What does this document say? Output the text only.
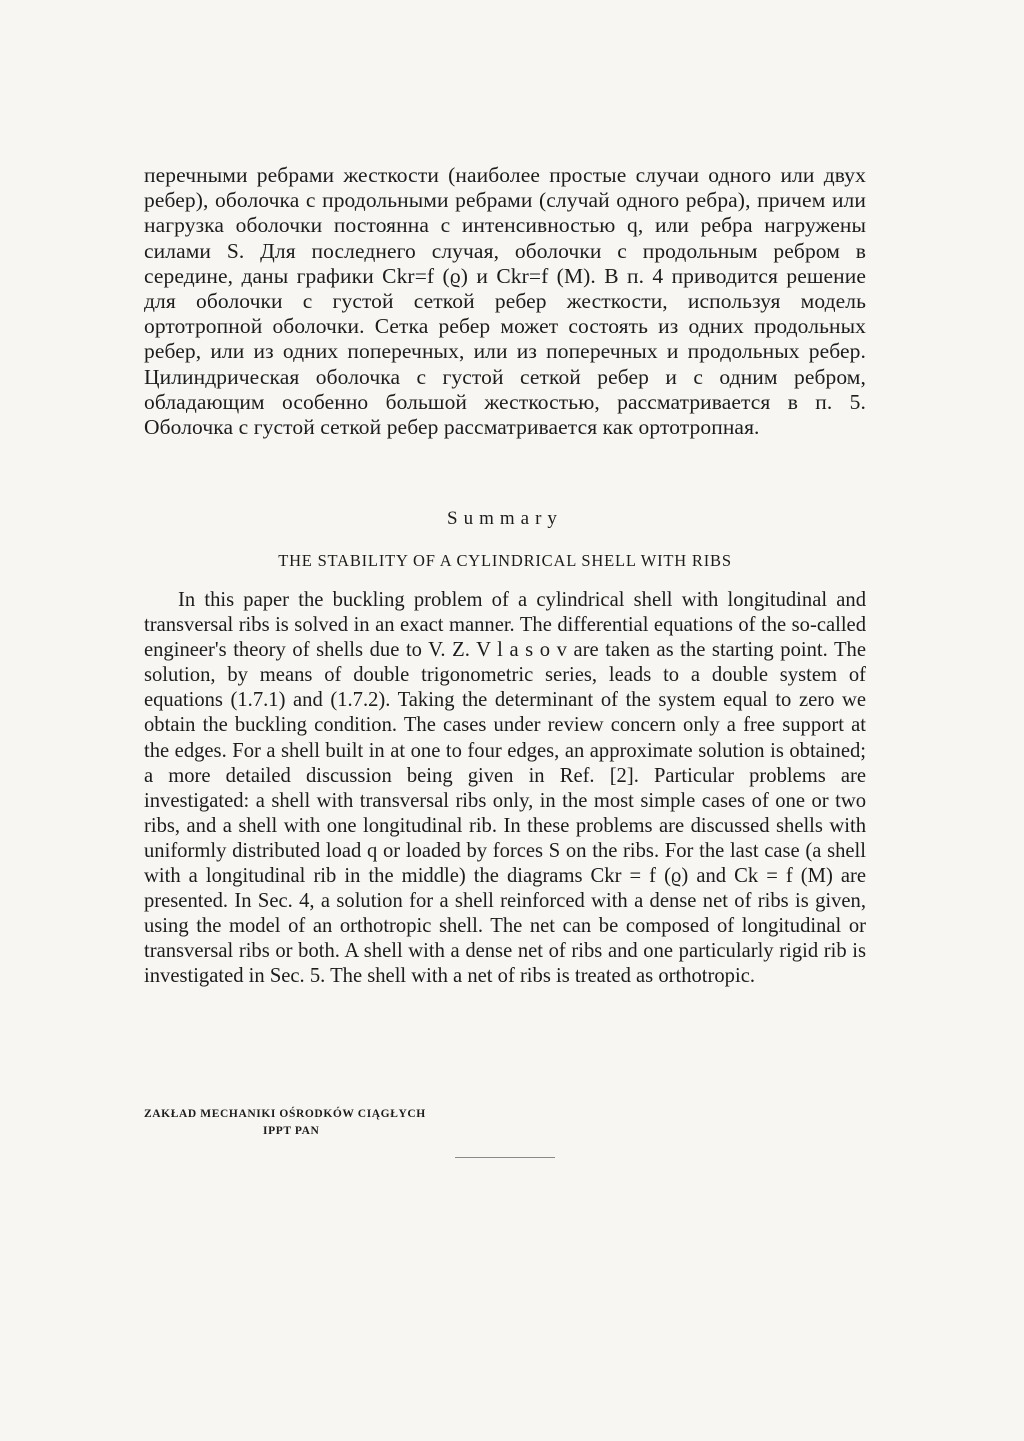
перечными ребрами жесткости (наиболее простые случаи одного или двух ребер), оболочка с продольными ребрами (случай одного ребра), причем или нагрузка оболочки постоянна с интенсивностью q, или ребра нагружены силами S. Для последнего случая, оболочки с продольным ребром в середине, даны графики Ckr=f (ϱ) и Ckr=f (M). В п. 4 приводится решение для оболочки с густой сеткой ребер жесткости, используя модель ортотропной оболочки. Сетка ребер может состоять из одних продольных ребер, или из одних поперечных, или из поперечных и продольных ребер. Цилиндрическая оболочка с густой сеткой ребер и с одним ребром, обладающим особенно большой жесткостью, рассматривается в п. 5. Оболочка с густой сеткой ребер рассматривается как ортотропная.
Summary
THE STABILITY OF A CYLINDRICAL SHELL WITH RIBS
In this paper the buckling problem of a cylindrical shell with longitudinal and transversal ribs is solved in an exact manner. The differential equations of the so-called engineer's theory of shells due to V. Z. V l a s o v are taken as the starting point. The solution, by means of double trigonometric series, leads to a double system of equations (1.7.1) and (1.7.2). Taking the determinant of the system equal to zero we obtain the buckling condition. The cases under review concern only a free support at the edges. For a shell built in at one to four edges, an approximate solution is obtained; a more detailed discussion being given in Ref. [2]. Particular problems are investigated: a shell with transversal ribs only, in the most simple cases of one or two ribs, and a shell with one longitudinal rib. In these problems are discussed shells with uniformly distributed load q or loaded by forces S on the ribs. For the last case (a shell with a longitudinal rib in the middle) the diagrams Ckr = f (ϱ) and Ck = f (M) are presented. In Sec. 4, a solution for a shell reinforced with a dense net of ribs is given, using the model of an orthotropic shell. The net can be composed of longitudinal or transversal ribs or both. A shell with a dense net of ribs and one particularly rigid rib is investigated in Sec. 5. The shell with a net of ribs is treated as orthotropic.
ZAKŁAD MECHANIKI OŚRODKÓW CIĄGŁYCH
IPPT PAN
